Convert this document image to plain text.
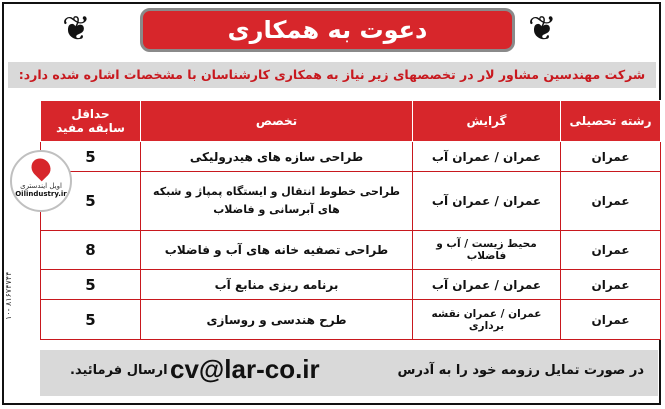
❦	دعوت به همکاری	❦
شرکت مهندسین مشاور لار در تخصصهای زیر نیاز به همکاری کارشناسان با مشخصات اشاره شده دارد:
رشته تحصیلی	گرایش	تخصص	حداقل
سابقه مفید

عمران	عمران / عمران آب	طراحی سازه های هیدرولیکی	5
عمران	عمران / عمران آب	طراحی خطوط انتقال و ایستگاه پمپاژ و شبکه های آبرسانی و فاضلاب	5
عمران	محیط زیست / آب و فاضلاب	طراحی تصفیه خانه های آب و فاضلاب	8
عمران	عمران / عمران آب	برنامه ریزی منابع آب	5
عمران	عمران / عمران نقشه برداری	طرح هندسی و روسازی	5
اویل ایندستری
Oilindustry.ir
۱۰- ۸۱۶۷۴۷۴۴
در صورت تمایل رزومه خود را به آدرس
cv@lar-co.ir
ارسال فرمائید.
